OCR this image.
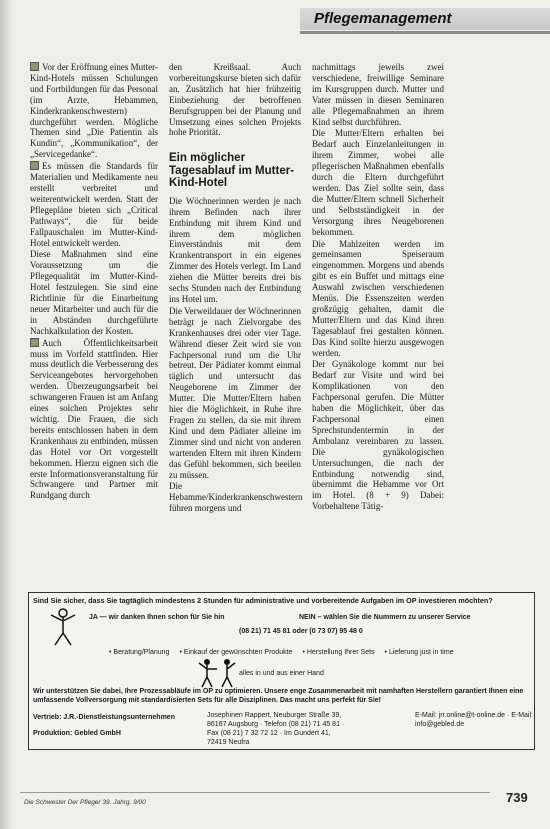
Pflegemanagement

Vor der Eröffnung eines Mutter-Kind-Hotels müssen Schulungen und Fortbildungen für das Personal (im Arzte, Hebammen, Kinderkrankenschwestern) durchgeführt werden. Mögliche Themen sind „Die Patientin als Kundin“, „Kommunikation“, der „Servicegedanke“.

Es müssen die Standards für Materialien und Medikamente neu erstellt verbreitet und weiterentwickelt werden. Statt der Pflegepläne bieten sich „Critical Pathways“, die für beide Fallpauschalen im Mutter-Kind-Hotel entwickelt werden.

Diese Maßnahmen sind eine Voraussetzung um die Pflegequalität im Mutter-Kind-Hotel festzulegen. Sie sind eine Richtlinie für die Einarbeitung neuer Mitarbeiter und auch für die in Abständen durchgeführte Nachkalkulation der Kosten.

Auch Öffentlichkeitsarbeit muss im Vorfeld stattfinden. Hier muss deutlich die Verbesserung des Serviceangebotes hervorgehoben werden. Überzeugungsarbeit bei schwangeren Frauen ist am Anfang eines solchen Projektes sehr wichtig. Die Frauen, die sich bereits entschlossen haben in dem Krankenhaus zu entbinden, müssen das Hotel vor Ort vorgestellt bekommen. Hierzu eignen sich die erste Informationsveranstaltung für Schwangere und Partner mit Rundgang durch

den Kreißsaal. Auch vorbereitungskurse bieten sich dafür an. Zusätzlich hat hier frühzeitig Einbeziehung der betroffenen Berufsgruppen bei der Planung und Umsetzung eines solchen Projekts hohe Priorität.

Ein möglicher Tagesablauf im Mutter-Kind-Hotel

Die Wöchnerinnen werden je nach ihrem Befinden nach ihrer Entbindung mit ihrem Kind und ihrem dem möglichen Einverständnis mit dem Krankentransport in ein eigenes Zimmer des Hotels verlegt. Im Land ziehen die Mütter bereits drei bis sechs Stunden nach der Entbindung ins Hotel um.

Die Verweildauer der Wöchnerinnen beträgt je nach Zielvorgabe des Krankenhauses drei oder vier Tage. Während dieser Zeit wird sie von Fachpersonal rund um die Uhr betreut. Der Pädiater kommt einmal täglich und untersucht das Neugeborene im Zimmer der Mutter. Die Mutter/Eltern haben hier die Möglichkeit, in Ruhe ihre Fragen zu stellen, da sie mit ihrem Kind und dem Pädiater alleine im Zimmer sind und nicht von anderen wartenden Eltern mit ihren Kindern das Gefühl bekommen, sich beeilen zu müssen.

Die Hebamme/Kinderkrankenschwestern führen morgens und

nachmittags jeweils zwei verschiedene, freiwillige Seminare im Kursgruppen durch. Mutter und Vater müssen in diesen Seminaren alle Pflegemaßnahmen an ihrem Kind selbst durchführen.

Die Mutter/Eltern erhalten bei Bedarf auch Einzelanleitungen in ihrem Zimmer, wobei alle pflegerischen Maßnahmen ebenfalls durch die Eltern durchgeführt werden. Das Ziel sollte sein, dass die Mutter/Eltern schnell Sicherheit und Selbstständigkeit in der Versorgung ihres Neugeborenen bekommen.

Die Mahlzeiten werden im gemeinsamen Speiseraum eingenommen. Morgens und abends gibt es ein Buffet und mittags eine Auswahl zwischen verschiedenen Menüs. Die Essenszeiten werden großzügig gehalten, damit die Mutter/Eltern und das Kind ihren Tagesablauf frei gestalten können. Das Kind sollte hierzu ausgewogen werden.

Der Gynäkologe kommt nur bei Bedarf zur Visite und wird bei Komplikationen von den Fachpersonal gerufen. Die Mütter haben die Möglichkeit, über das Fachpersonal einen Sprechstundentermin in der Ambulanz vereinbaren zu lassen. Die gynäkologischen Untersuchungen, die nach der Entbindung notwendig sind, übernimmt die Hebamme vor Ort im Hotel. (8 + 9) Dabei: Vorbehaltene Tätig-

Sind Sie sicher, dass Sie tagtäglich mindestens 2 Stunden für administrative und vorbereitende Aufgaben im OP investieren möchten?
JA — wir danken Ihnen schon für Sie hin	NEIN – wählen Sie die Nummern zu unserer Service
(08 21) 71 45 81 oder (0 73 07) 95 48 0
• Beratung/Planung • Einkauf der gewünschten Produkte • Herstellung Ihrer Sets • Lieferung just in time
alles in und aus einer Hand
Wir unterstützen Sie dabei, Ihre Prozessabläufe im OP zu optimieren. Unsere enge Zusammenarbeit mit namhaften Herstellern garantiert Ihnen eine umfassende Vollversorgung mit standardisierten Sets für alle Disziplinen. Das macht uns perfekt für Sie!
Vertrieb: J.R.-Dienstleistungsunternehmen
Produktion: Gebled GmbH
Josephinen Rappert, Neuburger Straße 39, 86167 Augsburg · Telefon (08 21) 71 45 81 · Fax (08 21) 7 32 72 12 · Im Gundert 41, 72419 Neufra
E-Mail: jrr.online@t-online.de · E-Mail: info@gebled.de
Die Schwester Der Pfleger 39. Jahrg. 9/00	739
